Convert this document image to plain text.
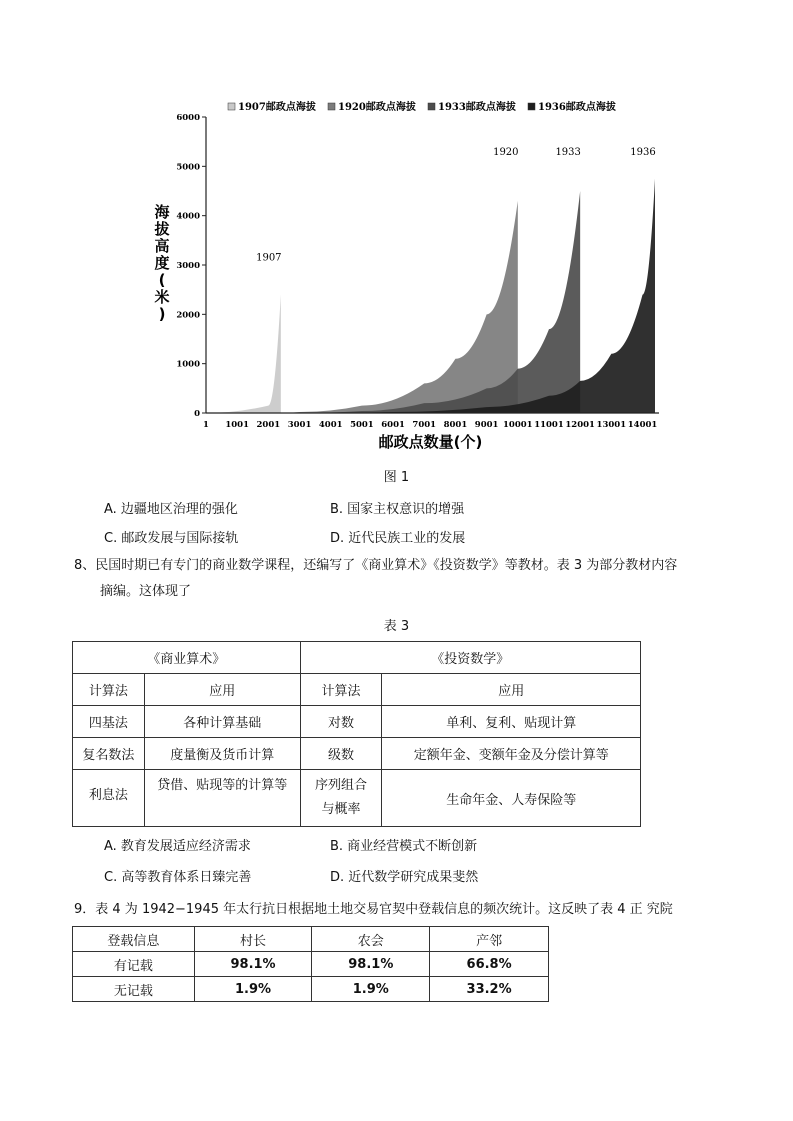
1907邮政点海拔 1920邮政点海拔 1933邮政点海拔 1936邮政点海拔
0
1000
2000
3000
4000
5000
6000
1 1001 2001 3001 4001 5001 6001 7001 8001 9001 10001 11001 12001 13001 14001
1907
1920	1933	1936
海拔高度(米)
邮政点数量(个)
图 1
A. 边疆地区治理的强化	B. 国家主权意识的增强
C. 邮政发展与国际接轨	D. 近代民族工业的发展
8、民国时期已有专门的商业数学课程，还编写了《商业算术》《投资数学》等教材。表 3 为部分教材内容
摘编。这体现了
表 3
《商业算术》		《投资数学》	
计算法	应用	计算法	应用
四基法	各种计算基础	对数	单利、复利、贴现计算
复名数法	度量衡及货币计算	级数	定额年金、变额年金及分偿计算等
利息法	贷借、贴现等的计算等	序列组合与概率	生命年金、人寿保险等
A. 教育发展适应经济需求	B. 商业经营模式不断创新
C. 高等教育体系日臻完善	D. 近代数学研究成果斐然
9．表 4 为 1942−1945 年太行抗日根据地土地交易官契中登载信息的频次统计。这反映了表 4 正 究院
登载信息	村长	农会	产邻
有记载	98.1%	98.1%	66.8%
无记载	1.9%	1.9%	33.2%
